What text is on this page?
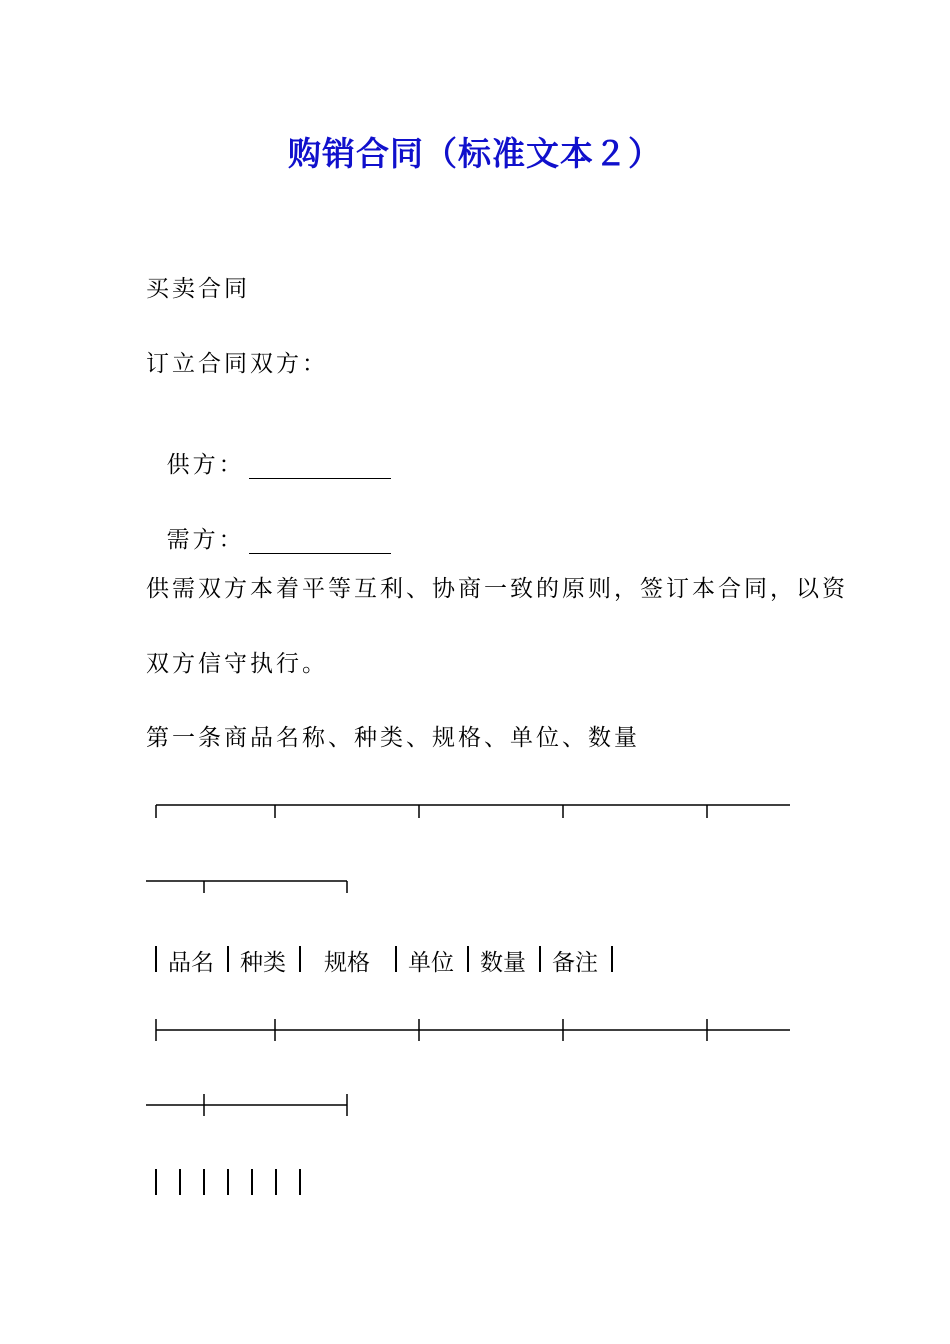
购销合同（标准文本２）
买卖合同
订立合同双方：

供方：

需方：

供需双方本着平等互利、协商一致的原则，签订本合同，以资
双方信守执行。
第一条商品名称、种类、规格、单位、数量
品名 种类 规格 单位 数量 备注
